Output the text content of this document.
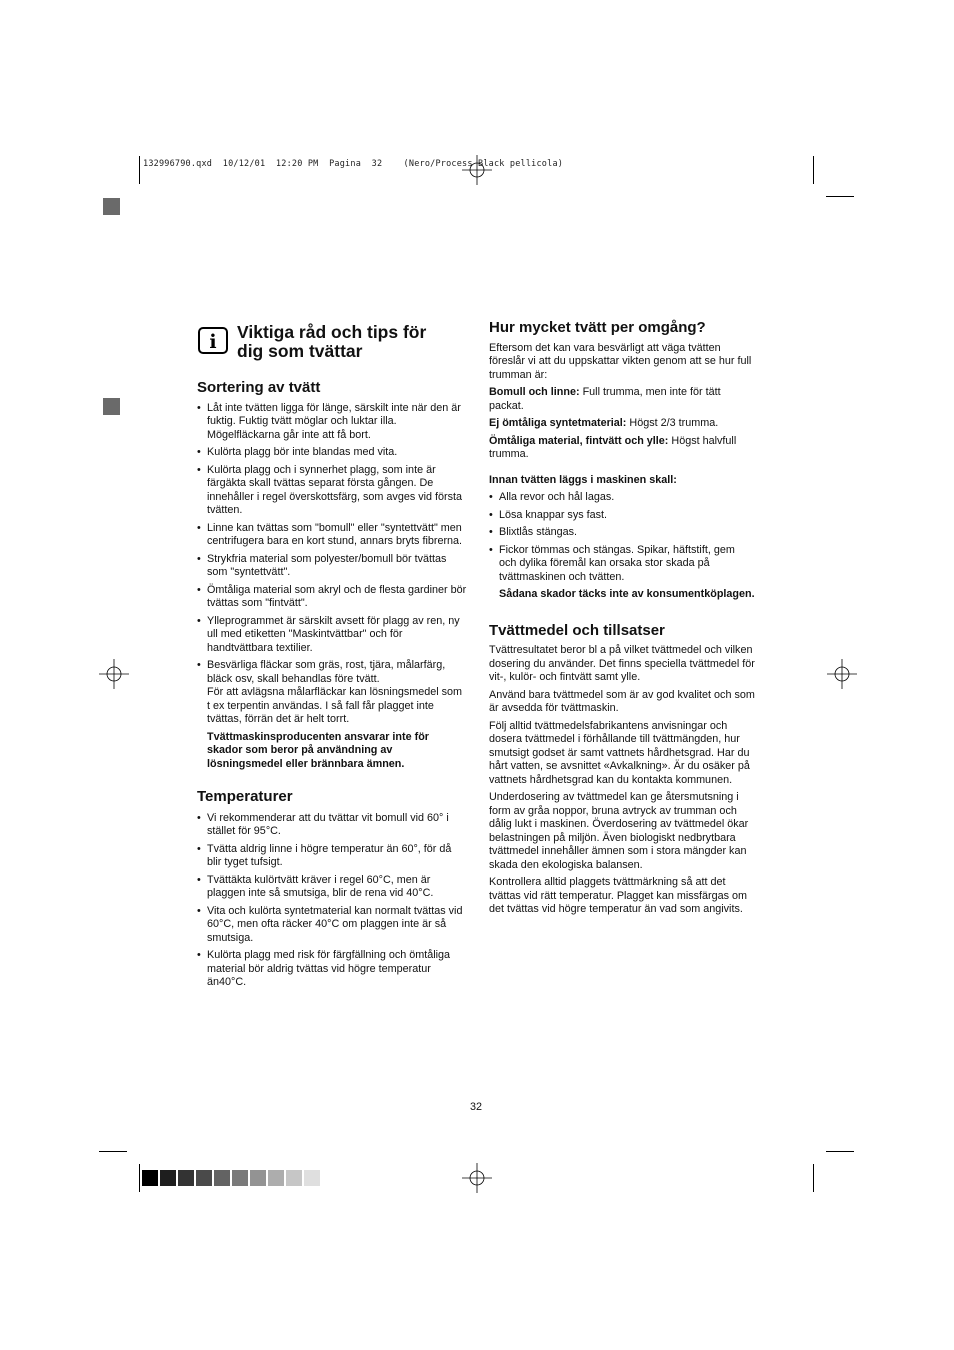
132996790.qxd  10/12/01  12:20 PM  Pagina  32    (Nero/Process Black pellicola)
i Viktiga råd och tips för
dig som tvättar
Sortering av tvätt
• Låt inte tvätten ligga för länge, särskilt inte när den är fuktig. Fuktig tvätt möglar och luktar illa. Mögelfläckarna går inte att få bort.
• Kulörta plagg bör inte blandas med vita.
• Kulörta plagg och i synnerhet plagg, som inte är färgäkta skall tvättas separat första gången. De innehåller i regel överskottsfärg, som avges vid första tvätten.
• Linne kan tvättas som "bomull" eller "syntettvätt" men centrifugera bara en kort stund, annars bryts fibrerna.
• Strykfria material som polyester/bomull bör tvättas som "syntettvätt".
• Ömtåliga material som akryl och de flesta gardiner bör tvättas som "fintvätt".
• Ylleprogrammet är särskilt avsett för plagg av ren, ny ull med etiketten "Maskintvättbar" och för handtvättbara textilier.
• Besvärliga fläckar som gräs, rost, tjära, målarfärg, bläck osv, skall behandlas före tvätt.
För att avlägsna målarfläckar kan lösningsmedel som t ex terpentin användas. I så fall får plagget inte tvättas, förrän det är helt torrt.

Tvättmaskinsproducenten ansvarar inte för skador som beror på användning av lösningsmedel eller brännbara ämnen.

Temperaturer
• Vi rekommenderar att du tvättar vit bomull vid 60° i stället för 95°C.
• Tvätta aldrig linne i högre temperatur än 60°, för då blir tyget tufsigt.
• Tvättäkta kulörtvätt kräver i regel 60°C, men är plaggen inte så smutsiga, blir de rena vid 40°C.
• Vita och kulörta syntetmaterial kan normalt tvättas vid 60°C, men ofta räcker 40°C om plaggen inte är så smutsiga.
• Kulörta plagg med risk för färgfällning och ömtåliga material bör aldrig tvättas vid högre temperatur än40°C.
Hur mycket tvätt per omgång?

Eftersom det kan vara besvärligt att väga tvätten föreslår vi att du uppskattar vikten genom att se hur full trumman är:

Bomull och linne: Full trumma, men inte för tätt packat.

Ej ömtåliga syntetmaterial: Högst 2/3 trumma.

Ömtåliga material, fintvätt och ylle: Högst halvfull trumma.

Innan tvätten läggs i maskinen skall:

• Alla revor och hål lagas.
• Lösa knappar sys fast.
• Blixtlås stängas.
• Fickor tömmas och stängas. Spikar, häftstift, gem och dylika föremål kan orsaka stor skada på tvättmaskinen och tvätten.

Sådana skador täcks inte av konsumentköplagen.

Tvättmedel och tillsatser

Tvättresultatet beror bl a på vilket tvättmedel och vilken dosering du använder. Det finns speciella tvättmedel för vit-, kulör- och fintvätt samt ylle.

Använd bara tvättmedel som är av god kvalitet och som är avsedda för tvättmaskin.

Följ alltid tvättmedelsfabrikantens anvisningar och dosera tvättmedel i förhållande till tvättmängden, hur smutsigt godset är samt vattnets hårdhetsgrad. Har du hårt vatten, se avsnittet «Avkalkning». Är du osäker på vattnets hårdhetsgrad kan du kontakta kommunen.

Underdosering av tvättmedel kan ge återsmutsning i form av gråa noppor, bruna avtryck av trumman och dålig lukt i maskinen. Överdosering av tvättmedel ökar belastningen på miljön. Även biologiskt nedbrytbara tvättmedel innehåller ämnen som i stora mängder kan skada den ekologiska balansen.

Kontrollera alltid plaggets tvättmärkning så att det tvättas vid rätt temperatur. Plagget kan missfärgas om det tvättas vid högre temperatur än vad som angivits.

32
